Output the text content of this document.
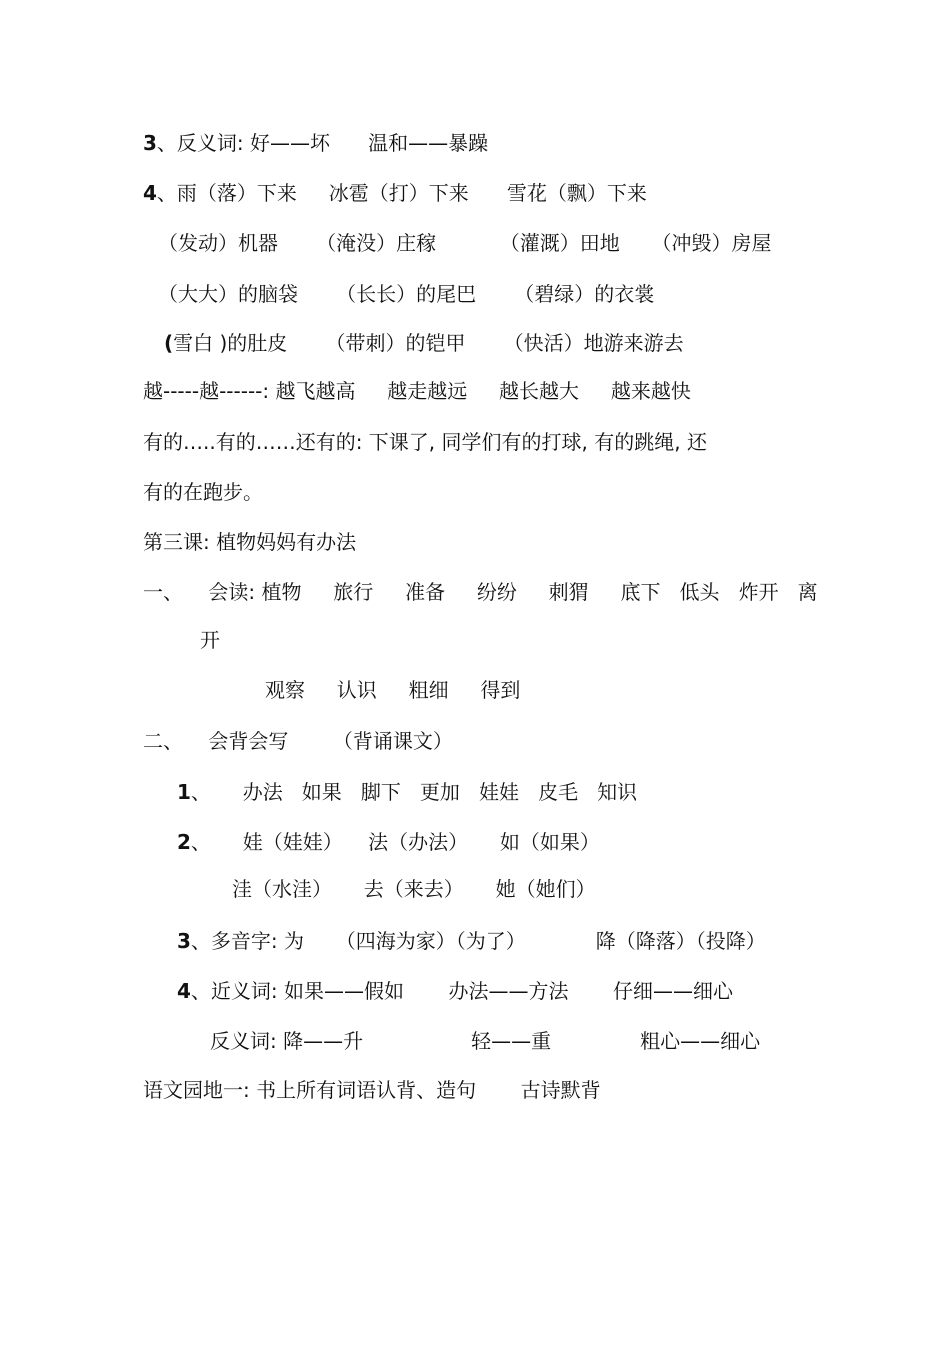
3、反义词: 好——坏      温和——暴躁
4、雨（落）下来     冰雹（打）下来      雪花（飘）下来
（发动）机器      （淹没）庄稼          （灌溉）田地     （冲毁）房屋
（大大）的脑袋      （长长）的尾巴      （碧绿）的衣裳
(雪白 )的肚皮      （带刺）的铠甲      （快活）地游来游去
越-----越------: 越飞越高     越走越远     越长越大     越来越快
有的…..有的……还有的: 下课了, 同学们有的打球, 有的跳绳, 还
有的在跑步。
第三课: 植物妈妈有办法
一、    会读: 植物     旅行     准备     纷纷     刺猬     底下   低头   炸开   离
开
观察     认识     粗细     得到
二、    会背会写       （背诵课文）
1、     办法   如果   脚下   更加   娃娃   皮毛   知识
2、     娃（娃娃）    法（办法）     如（如果）
洼（水洼）     去（来去）     她（她们）
3、多音字: 为     （四海为家）（为了）           降（降落）（投降）
4、近义词: 如果——假如       办法——方法       仔细——细心
反义词: 降——升                 轻——重              粗心——细心
语文园地一: 书上所有词语认背、造句       古诗默背
